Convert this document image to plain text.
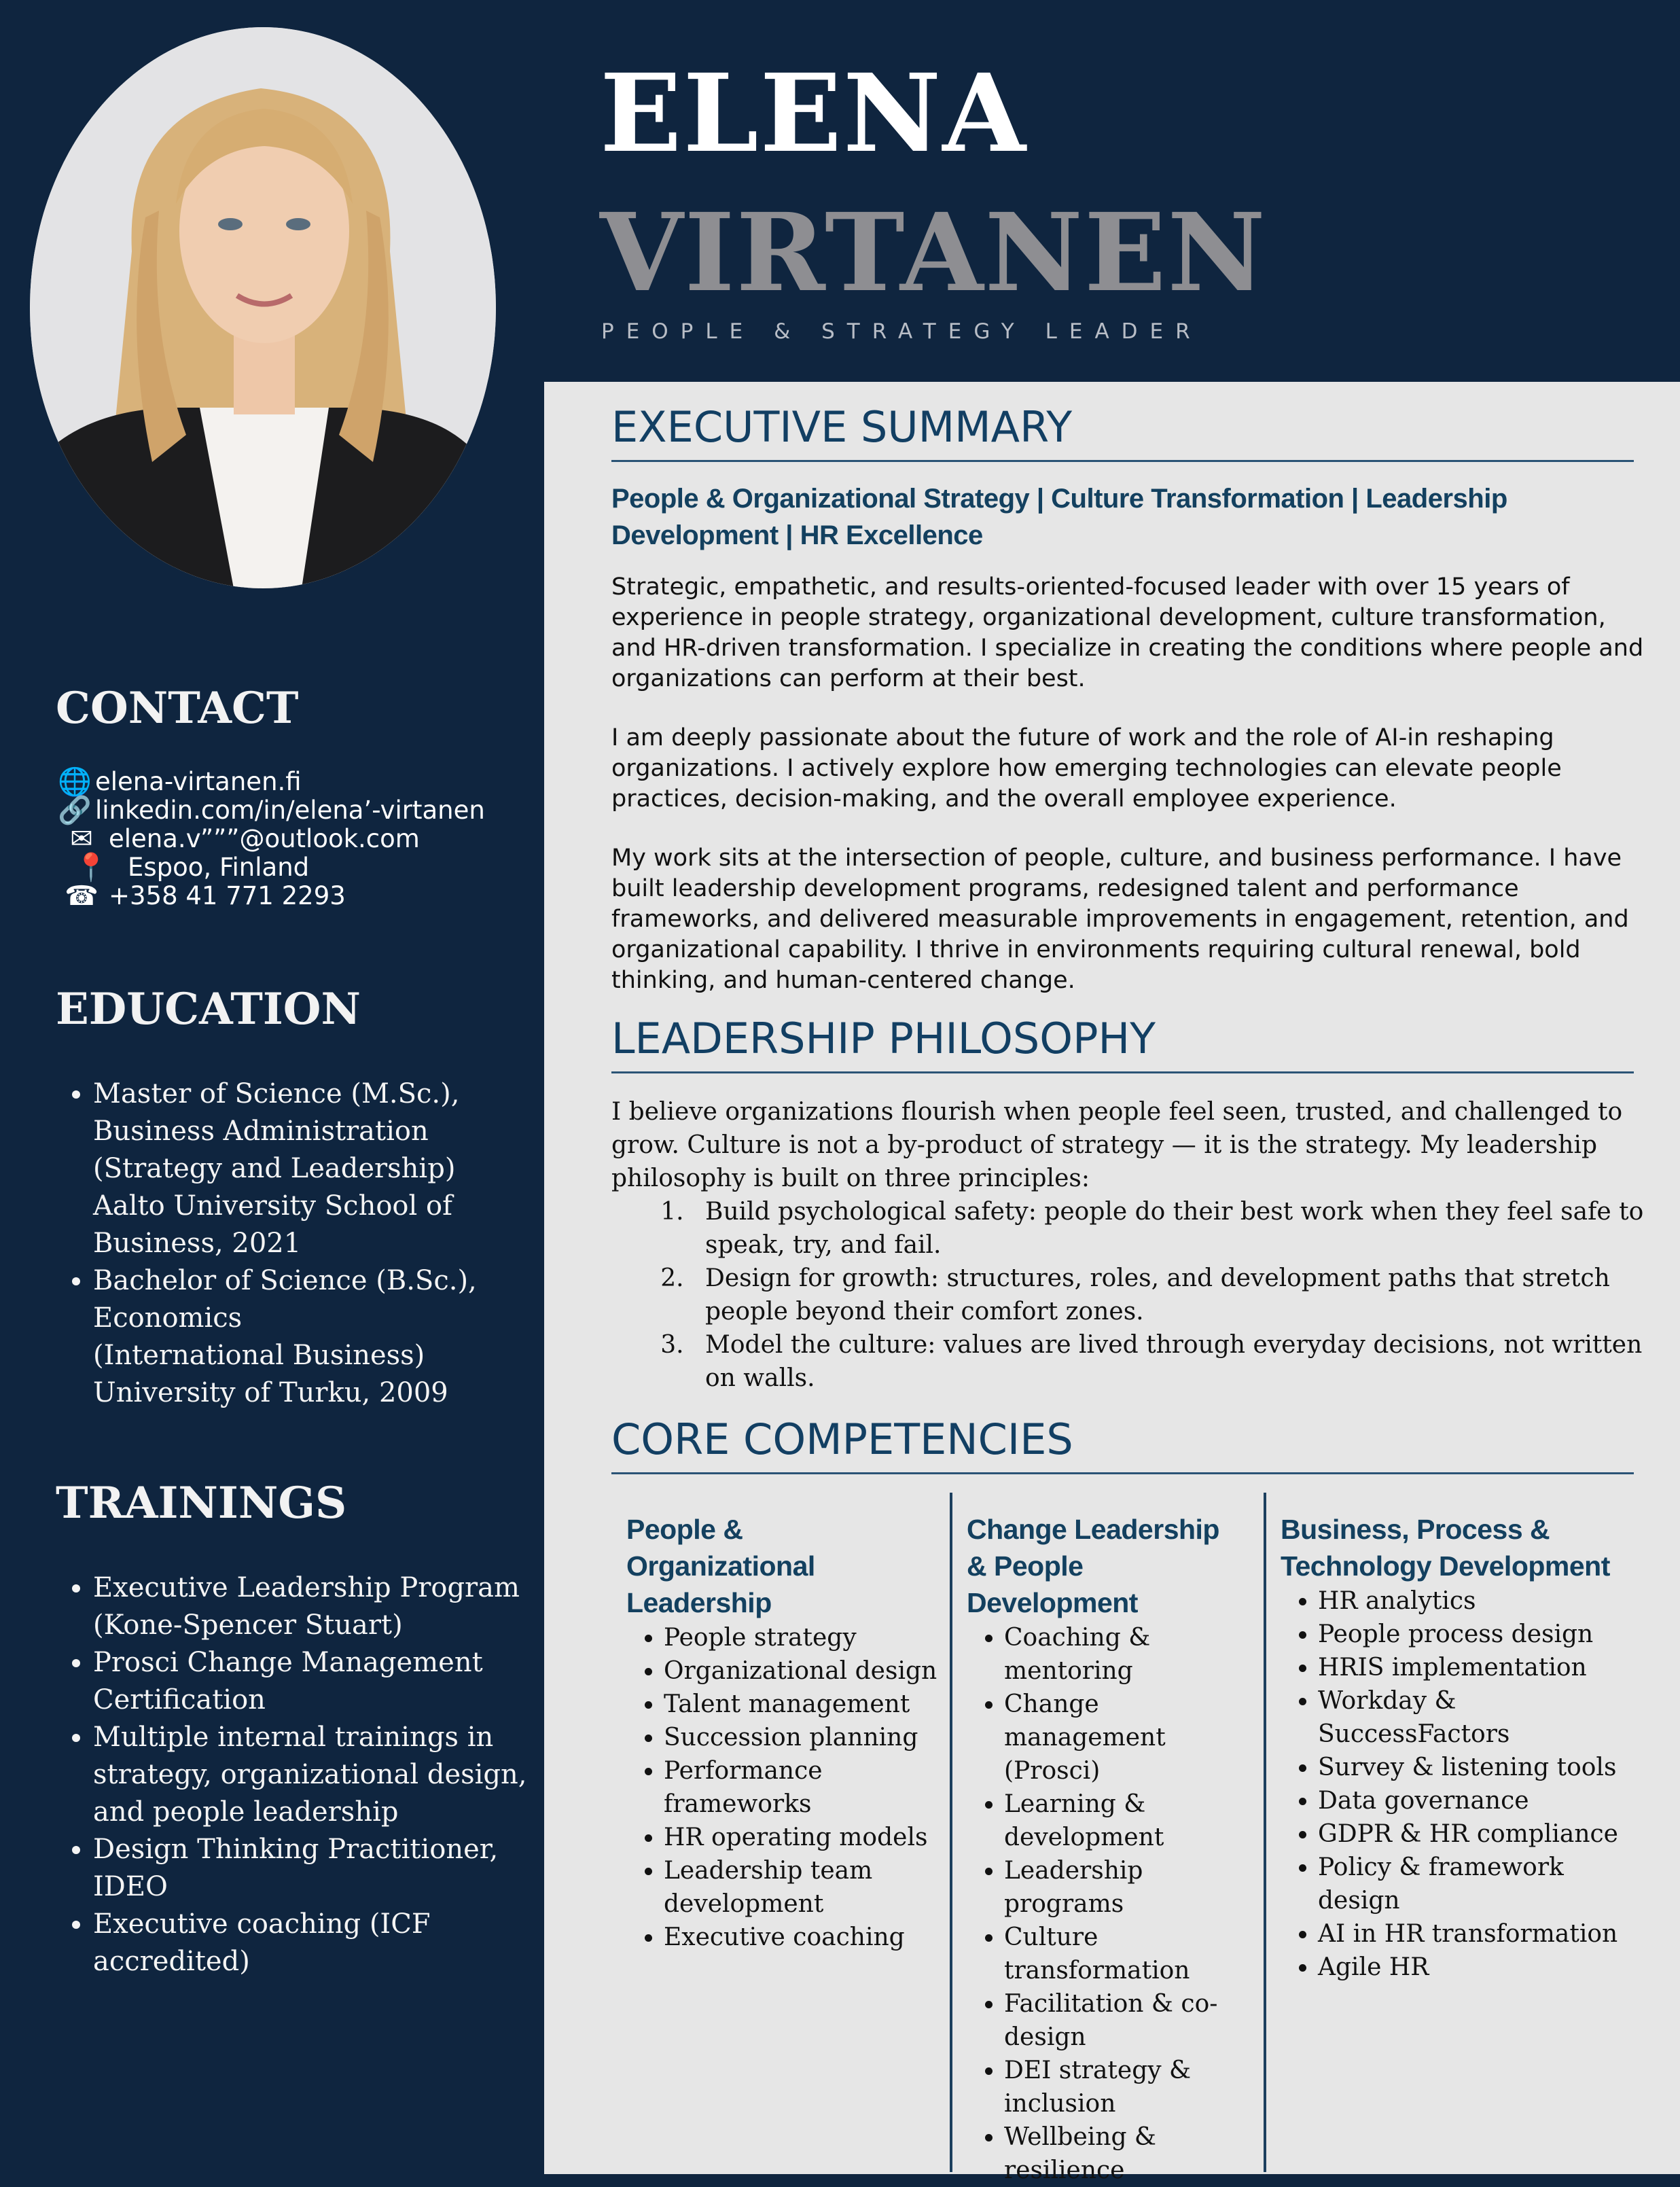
CONTACT
🌐 elena-virtanen.fi
🔗 linkedin.com/in/elena’-virtanen
✉ elena.v”””@outlook.com
📍 Espoo, Finland
☎ +358 41 771 2293
EDUCATION
• Master of Science (M.Sc.),
Business Administration
(Strategy and Leadership)
Aalto University School of
Business, 2021
• Bachelor of Science (B.Sc.),
Economics
(International Business)
University of Turku, 2009
TRAININGS
• Executive Leadership Program (Kone-Spencer Stuart)
• Prosci Change Management Certification
• Multiple internal trainings in strategy, organizational design, and people leadership
• Design Thinking Practitioner, IDEO
• Executive coaching (ICF accredited)
ELENA
VIRTANEN
PEOPLE & STRATEGY LEADER
EXECUTIVE SUMMARY
People & Organizational Strategy | Culture Transformation | Leadership Development | HR Excellence

Strategic, empathetic, and results-oriented-focused leader with over 15 years of experience in people strategy, organizational development, culture transformation, and HR-driven transformation. I specialize in creating the conditions where people and organizations can perform at their best.

I am deeply passionate about the future of work and the role of AI-in reshaping organizations. I actively explore how emerging technologies can elevate people practices, decision-making, and the overall employee experience.

My work sits at the intersection of people, culture, and business performance. I have built leadership development programs, redesigned talent and performance frameworks, and delivered measurable improvements in engagement, retention, and organizational capability. I thrive in environments requiring cultural renewal, bold thinking, and human-centered change.

LEADERSHIP PHILOSOPHY

I believe organizations flourish when people feel seen, trusted, and challenged to grow. Culture is not a by-product of strategy — it is the strategy. My leadership philosophy is built on three principles:

1. Build psychological safety: people do their best work when they feel safe to speak, try, and fail.
2. Design for growth: structures, roles, and development paths that stretch people beyond their comfort zones.
3. Model the culture: values are lived through everyday decisions, not written on walls.
CORE COMPETENCIES
People & Organizational Leadership
• People strategy
• Organizational design
• Talent management
• Succession planning
• Performance frameworks
• HR operating models
• Leadership team development
• Executive coaching
Change Leadership & People Development
• Coaching & mentoring
• Change management (Prosci)
• Learning & development
• Leadership programs
• Culture transformation
• Facilitation & co-design
• DEI strategy & inclusion
• Wellbeing & resilience
Business, Process & Technology Development
• HR analytics
• People process design
• HRIS implementation
• Workday & SuccessFactors
• Survey & listening tools
• Data governance
• GDPR & HR compliance
• Policy & framework design
• AI in HR transformation
• Agile HR
